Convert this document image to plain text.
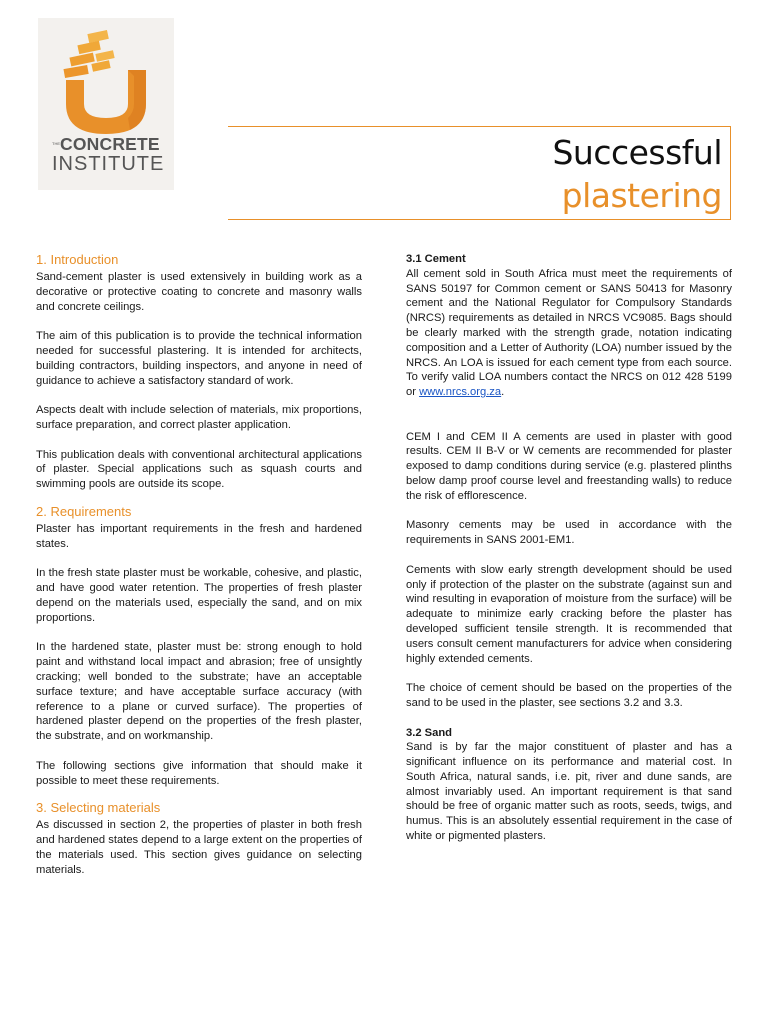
THE CONCRETE
INSTITUTE	Successful
plastering
1. Introduction

Sand-cement plaster is used extensively in building work as a decorative or protective coating to concrete and masonry walls and concrete ceilings.

The aim of this publication is to provide the technical information needed for successful plastering. It is intended for architects, building contractors, building inspectors, and anyone in need of guidance to achieve a satisfactory standard of work.

Aspects dealt with include selection of materials, mix proportions, surface preparation, and correct plaster application.

This publication deals with conventional architectural applications of plaster. Special applications such as squash courts and swimming pools are outside its scope.

2. Requirements

Plaster has important requirements in the fresh and hardened states.

In the fresh state plaster must be workable, cohesive, and plastic, and have good water retention. The properties of fresh plaster depend on the materials used, especially the sand, and on mix proportions.

In the hardened state, plaster must be: strong enough to hold paint and withstand local impact and abrasion; free of unsightly cracking; well bonded to the substrate; have an acceptable surface texture; and have acceptable surface accuracy (with reference to a plane or curved surface). The properties of hardened plaster depend on the properties of the fresh plaster, the substrate, and on workmanship.

The following sections give information that should make it possible to meet these requirements.

3. Selecting materials

As discussed in section 2, the properties of plaster in both fresh and hardened states depend to a large extent on the properties of the materials used. This section gives guidance on selecting materials.

3.1 Cement

All cement sold in South Africa must meet the requirements of SANS 50197 for Common cement or SANS 50413 for Masonry cement and the National Regulator for Compulsory Standards (NRCS) requirements as detailed in NRCS VC9085. Bags should be clearly marked with the strength grade, notation indicating composition and a Letter of Authority (LOA) number issued by the NRCS. An LOA is issued for each cement type from each source. To verify valid LOA numbers contact the NRCS on 012 428 5199 or www.nrcs.org.za.

CEM I and CEM II A cements are used in plaster with good results. CEM II B-V or W cements are recommended for plaster exposed to damp conditions during service (e.g. plastered plinths below damp proof course level and freestanding walls) to reduce the risk of efflorescence.

Masonry cements may be used in accordance with the requirements in SANS 2001-EM1.

Cements with slow early strength development should be used only if protection of the plaster on the substrate (against sun and wind resulting in evaporation of moisture from the surface) will be adequate to minimize early cracking before the plaster has developed sufficient tensile strength. It is recommended that users consult cement manufacturers for advice when considering highly extended cements.

The choice of cement should be based on the properties of the sand to be used in the plaster, see sections 3.2 and 3.3.

3.2 Sand

Sand is by far the major constituent of plaster and has a significant influence on its performance and material cost. In South Africa, natural sands, i.e. pit, river and dune sands, are almost invariably used. An important requirement is that sand should be free of organic matter such as roots, seeds, twigs, and humus. This is an absolutely essential requirement in the case of white or pigmented plasters.
